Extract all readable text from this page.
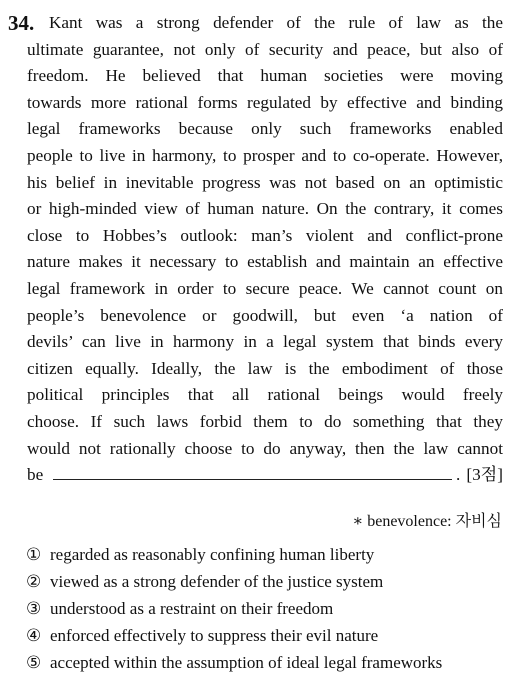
34. Kant was a strong defender of the rule of law as the
ultimate guarantee, not only of security and peace, but also of
freedom. He believed that human societies were moving
towards more rational forms regulated by effective and binding
legal frameworks because only such frameworks enabled
people to live in harmony, to prosper and to co-operate. However,
his belief in inevitable progress was not based on an optimistic
or high-minded view of human nature. On the contrary, it comes
close to Hobbes’s outlook: man’s violent and conflict-prone
nature makes it necessary to establish and maintain an effective
legal framework in order to secure peace. We cannot count on
people’s benevolence or goodwill, but even ‘a nation of
devils’ can live in harmony in a legal system that binds every
citizen equally. Ideally, the law is the embodiment of those
political principles that all rational beings would freely
choose. If such laws forbid them to do something that they
would not rationally choose to do anyway, then the law cannot
be	. [3점]
∗ benevolence: 자비심
① regarded as reasonably confining human liberty
② viewed as a strong defender of the justice system
③ understood as a restraint on their freedom
④ enforced effectively to suppress their evil nature
⑤ accepted within the assumption of ideal legal frameworks
